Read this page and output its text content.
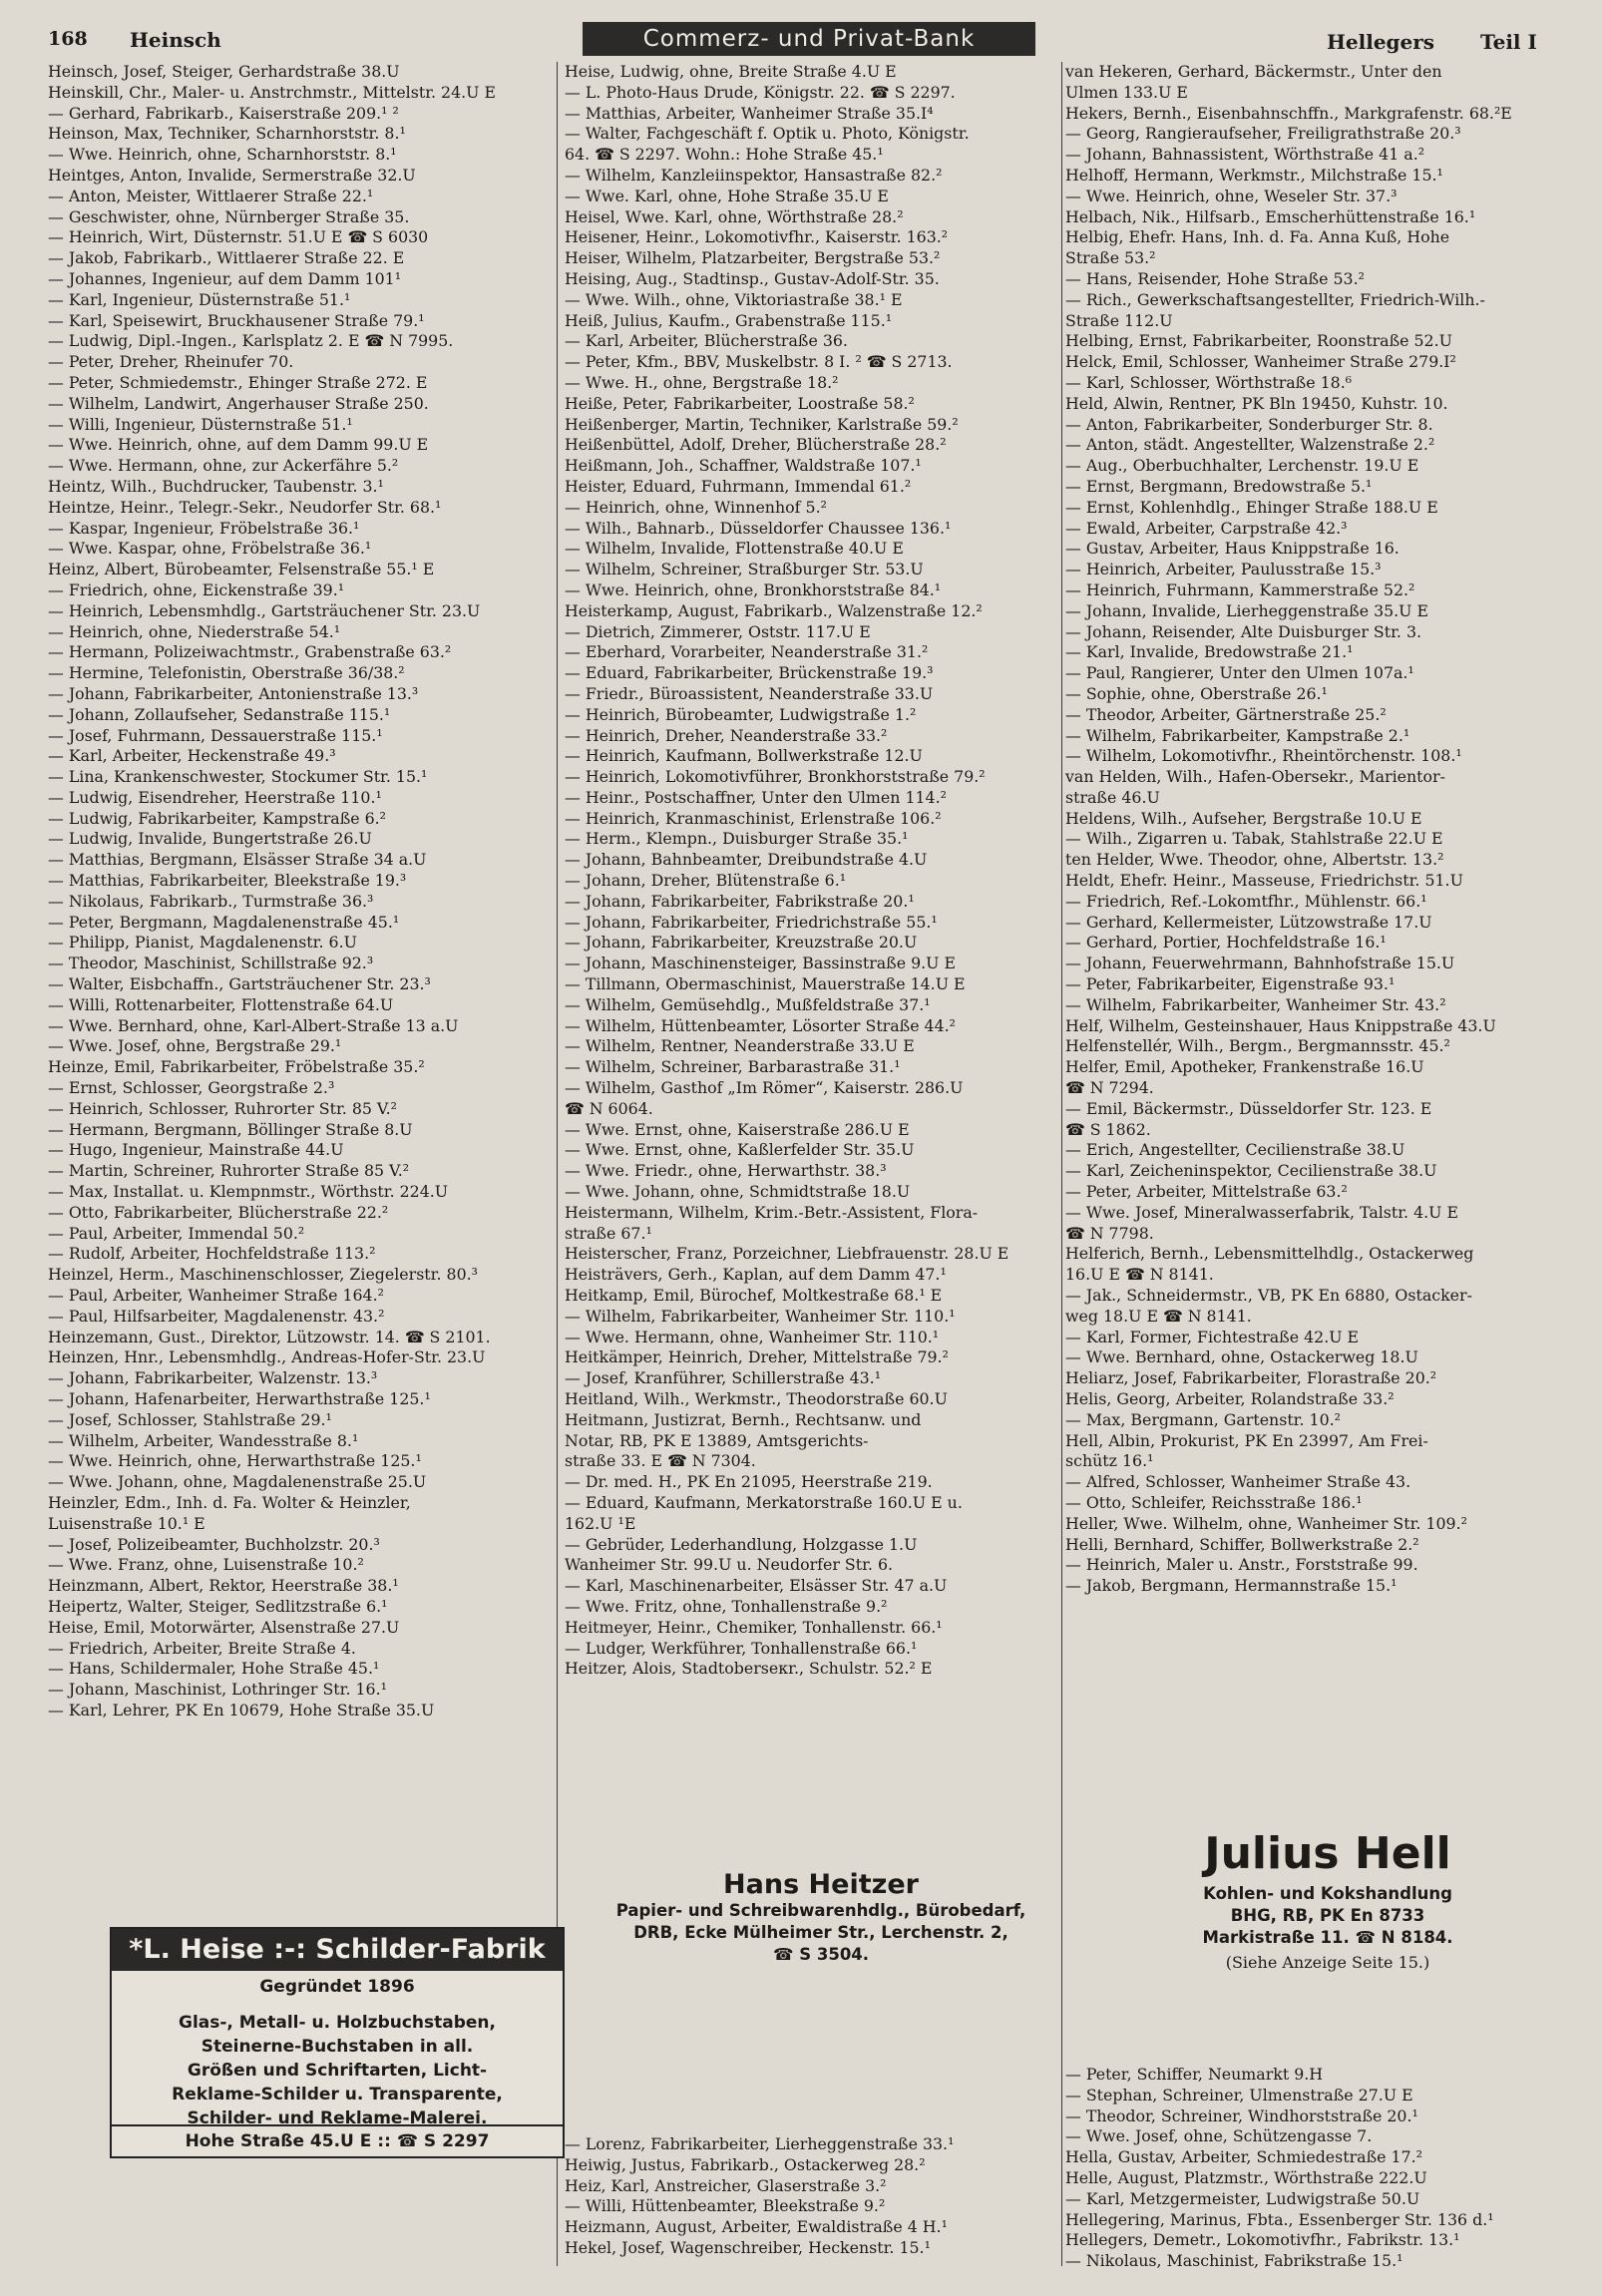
168 Heinsch	Commerz- und Privat-Bank	Hellegers Teil I
Heinsch, Josef, Steiger, Gerhardstraße 38.U
Heinskill, Chr., Maler- u. Anstrchmstr., Mittelstr. 24.U E
— Gerhard, Fabrikarb., Kaiserstraße 209.¹ ²
Heinson, Max, Techniker, Scharnhorststr. 8.¹
— Wwe. Heinrich, ohne, Scharnhorststr. 8.¹
Heintges, Anton, Invalide, Sermerstraße 32.U
— Anton, Meister, Wittlaerer Straße 22.¹
— Geschwister, ohne, Nürnberger Straße 35.
— Heinrich, Wirt, Düsternstr. 51.U E ☎ S 6030
— Jakob, Fabrikarb., Wittlaerer Straße 22. E
— Johannes, Ingenieur, auf dem Damm 101¹
— Karl, Ingenieur, Düsternstraße 51.¹
— Karl, Speisewirt, Bruckhausener Straße 79.¹
— Ludwig, Dipl.-Ingen., Karlsplatz 2. E ☎ N 7995.
— Peter, Dreher, Rheinufer 70.
— Peter, Schmiedemstr., Ehinger Straße 272. E
— Wilhelm, Landwirt, Angerhauser Straße 250.
— Willi, Ingenieur, Düsternstraße 51.¹
— Wwe. Heinrich, ohne, auf dem Damm 99.U E
— Wwe. Hermann, ohne, zur Ackerfähre 5.²
Heintz, Wilh., Buchdrucker, Taubenstr. 3.¹
Heintze, Heinr., Telegr.-Sekr., Neudorfer Str. 68.¹
— Kaspar, Ingenieur, Fröbelstraße 36.¹
— Wwe. Kaspar, ohne, Fröbelstraße 36.¹
Heinz, Albert, Bürobeamter, Felsenstraße 55.¹ E
— Friedrich, ohne, Eickenstraße 39.¹
— Heinrich, Lebensmhdlg., Gartsträuchener Str. 23.U
— Heinrich, ohne, Niederstraße 54.¹
— Hermann, Polizeiwachtmstr., Grabenstraße 63.²
— Hermine, Telefonistin, Oberstraße 36/38.²
— Johann, Fabrikarbeiter, Antonienstraße 13.³
— Johann, Zollaufseher, Sedanstraße 115.¹
— Josef, Fuhrmann, Dessauerstraße 115.¹
— Karl, Arbeiter, Heckenstraße 49.³
— Lina, Krankenschwester, Stockumer Str. 15.¹
— Ludwig, Eisendreher, Heerstraße 110.¹
— Ludwig, Fabrikarbeiter, Kampstraße 6.²
— Ludwig, Invalide, Bungertstraße 26.U
— Matthias, Bergmann, Elsässer Straße 34 a.U
— Matthias, Fabrikarbeiter, Bleekstraße 19.³
— Nikolaus, Fabrikarb., Turmstraße 36.³
— Peter, Bergmann, Magdalenenstraße 45.¹
— Philipp, Pianist, Magdalenenstr. 6.U
— Theodor, Maschinist, Schillstraße 92.³
— Walter, Eisbchaffn., Gartsträuchener Str. 23.³
— Willi, Rottenarbeiter, Flottenstraße 64.U
— Wwe. Bernhard, ohne, Karl-Albert-Straße 13 a.U
— Wwe. Josef, ohne, Bergstraße 29.¹
Heinze, Emil, Fabrikarbeiter, Fröbelstraße 35.²
— Ernst, Schlosser, Georgstraße 2.³
— Heinrich, Schlosser, Ruhrorter Str. 85 V.²
— Hermann, Bergmann, Böllinger Straße 8.U
— Hugo, Ingenieur, Mainstraße 44.U
— Martin, Schreiner, Ruhrorter Straße 85 V.²
— Max, Installat. u. Klempnmstr., Wörthstr. 224.U
— Otto, Fabrikarbeiter, Blücherstraße 22.²
— Paul, Arbeiter, Immendal 50.²
— Rudolf, Arbeiter, Hochfeldstraße 113.²
Heinzel, Herm., Maschinenschlosser, Ziegelerstr. 80.³
— Paul, Arbeiter, Wanheimer Straße 164.²
— Paul, Hilfsarbeiter, Magdalenenstr. 43.²
Heinzemann, Gust., Direktor, Lützowstr. 14. ☎ S 2101.
Heinzen, Hnr., Lebensmhdlg., Andreas-Hofer-Str. 23.U
— Johann, Fabrikarbeiter, Walzenstr. 13.³
— Johann, Hafenarbeiter, Herwarthstraße 125.¹
— Josef, Schlosser, Stahlstraße 29.¹
— Wilhelm, Arbeiter, Wandesstraße 8.¹
— Wwe. Heinrich, ohne, Herwarthstraße 125.¹
— Wwe. Johann, ohne, Magdalenenstraße 25.U
Heinzler, Edm., Inh. d. Fa. Wolter & Heinzler,
Luisenstraße 10.¹ E
— Josef, Polizeibeamter, Buchholzstr. 20.³
— Wwe. Franz, ohne, Luisenstraße 10.²
Heinzmann, Albert, Rektor, Heerstraße 38.¹
Heipertz, Walter, Steiger, Sedlitzstraße 6.¹
Heise, Emil, Motorwärter, Alsenstraße 27.U
— Friedrich, Arbeiter, Breite Straße 4.
— Hans, Schildermaler, Hohe Straße 45.¹
— Johann, Maschinist, Lothringer Str. 16.¹
— Karl, Lehrer, PK En 10679, Hohe Straße 35.U
Heise, Ludwig, ohne, Breite Straße 4.U E
— L. Photo-Haus Drude, Königstr. 22. ☎ S 2297.
— Matthias, Arbeiter, Wanheimer Straße 35.I⁴
— Walter, Fachgeschäft f. Optik u. Photo, Königstr.
64. ☎ S 2297. Wohn.: Hohe Straße 45.¹
— Wilhelm, Kanzleiinspektor, Hansastraße 82.²
— Wwe. Karl, ohne, Hohe Straße 35.U E
Heisel, Wwe. Karl, ohne, Wörthstraße 28.²
Heisener, Heinr., Lokomotivfhr., Kaiserstr. 163.²
Heiser, Wilhelm, Platzarbeiter, Bergstraße 53.²
Heising, Aug., Stadtinsp., Gustav-Adolf-Str. 35.
— Wwe. Wilh., ohne, Viktoriastraße 38.¹ E
Heiß, Julius, Kaufm., Grabenstraße 115.¹
— Karl, Arbeiter, Blücherstraße 36.
— Peter, Kfm., BBV, Muskelbstr. 8 I. ² ☎ S 2713.
— Wwe. H., ohne, Bergstraße 18.²
Heiße, Peter, Fabrikarbeiter, Loostraße 58.²
Heißenberger, Martin, Techniker, Karlstraße 59.²
Heißenbüttel, Adolf, Dreher, Blücherstraße 28.²
Heißmann, Joh., Schaffner, Waldstraße 107.¹
Heister, Eduard, Fuhrmann, Immendal 61.²
— Heinrich, ohne, Winnenhof 5.²
— Wilh., Bahnarb., Düsseldorfer Chaussee 136.¹
— Wilhelm, Invalide, Flottenstraße 40.U E
— Wilhelm, Schreiner, Straßburger Str. 53.U
— Wwe. Heinrich, ohne, Bronkhorststraße 84.¹
Heisterkamp, August, Fabrikarb., Walzenstraße 12.²
— Dietrich, Zimmerer, Oststr. 117.U E
— Eberhard, Vorarbeiter, Neanderstraße 31.²
— Eduard, Fabrikarbeiter, Brückenstraße 19.³
— Friedr., Büroassistent, Neanderstraße 33.U
— Heinrich, Bürobeamter, Ludwigstraße 1.²
— Heinrich, Dreher, Neanderstraße 33.²
— Heinrich, Kaufmann, Bollwerkstraße 12.U
— Heinrich, Lokomotivführer, Bronkhorststraße 79.²
— Heinr., Postschaffner, Unter den Ulmen 114.²
— Heinrich, Kranmaschinist, Erlenstraße 106.²
— Herm., Klempn., Duisburger Straße 35.¹
— Johann, Bahnbeamter, Dreibundstraße 4.U
— Johann, Dreher, Blütenstraße 6.¹
— Johann, Fabrikarbeiter, Fabrikstraße 20.¹
— Johann, Fabrikarbeiter, Friedrichstraße 55.¹
— Johann, Fabrikarbeiter, Kreuzstraße 20.U
— Johann, Maschinensteiger, Bassinstraße 9.U E
— Tillmann, Obermaschinist, Mauerstraße 14.U E
— Wilhelm, Gemüsehdlg., Mußfeldstraße 37.¹
— Wilhelm, Hüttenbeamter, Lösorter Straße 44.²
— Wilhelm, Rentner, Neanderstraße 33.U E
— Wilhelm, Schreiner, Barbarastraße 31.¹
— Wilhelm, Gasthof „Im Römer“, Kaiserstr. 286.U
☎ N 6064.
— Wwe. Ernst, ohne, Kaiserstraße 286.U E
— Wwe. Ernst, ohne, Kaßlerfelder Str. 35.U
— Wwe. Friedr., ohne, Herwarthstr. 38.³
— Wwe. Johann, ohne, Schmidtstraße 18.U
Heistermann, Wilhelm, Krim.-Betr.-Assistent, Flora-
straße 67.¹
Heisterscher, Franz, Porzeichner, Liebfrauenstr. 28.U E
Heisträvers, Gerh., Kaplan, auf dem Damm 47.¹
Heitkamp, Emil, Bürochef, Moltkestraße 68.¹ E
— Wilhelm, Fabrikarbeiter, Wanheimer Str. 110.¹
— Wwe. Hermann, ohne, Wanheimer Str. 110.¹
Heitkämper, Heinrich, Dreher, Mittelstraße 79.²
— Josef, Kranführer, Schillerstraße 43.¹
Heitland, Wilh., Werkmstr., Theodorstraße 60.U
Heitmann, Justizrat, Bernh., Rechtsanw. und
Notar, RB, PK E 13889, Amtsgerichts-
straße 33. E ☎ N 7304.
— Dr. med. H., PK En 21095, Heerstraße 219.
— Eduard, Kaufmann, Merkatorstraße 160.U E u.
162.U ¹E
— Gebrüder, Lederhandlung, Holzgasse 1.U
Wanheimer Str. 99.U u. Neudorfer Str. 6.
— Karl, Maschinenarbeiter, Elsässer Str. 47 a.U
— Wwe. Fritz, ohne, Tonhallenstraße 9.²
Heitmeyer, Heinr., Chemiker, Tonhallenstr. 66.¹
— Ludger, Werkführer, Tonhallenstraße 66.¹
Heitzer, Alois, Stadtoberseкr., Schulstr. 52.² E
— Lorenz, Fabrikarbeiter, Lierheggenstraße 33.¹
Heiwig, Justus, Fabrikarb., Ostackerweg 28.²
Heiz, Karl, Anstreicher, Glaserstraße 3.²
— Willi, Hüttenbeamter, Bleekstraße 9.²
Heizmann, August, Arbeiter, Ewaldistraße 4 H.¹
Hekel, Josef, Wagenschreiber, Heckenstr. 15.¹
van Hekeren, Gerhard, Bäckermstr., Unter den
Ulmen 133.U E
Hekers, Bernh., Eisenbahnschffn., Markgrafenstr. 68.²E
— Georg, Rangieraufseher, Freiligrathstraße 20.³
— Johann, Bahnassistent, Wörthstraße 41 a.²
Helhoff, Hermann, Werkmstr., Milchstraße 15.¹
— Wwe. Heinrich, ohne, Weseler Str. 37.³
Helbach, Nik., Hilfsarb., Emscherhüttenstraße 16.¹
Helbig, Ehefr. Hans, Inh. d. Fa. Anna Kuß, Hohe
Straße 53.²
— Hans, Reisender, Hohe Straße 53.²
— Rich., Gewerkschaftsangestellter, Friedrich-Wilh.-
Straße 112.U
Helbing, Ernst, Fabrikarbeiter, Roonstraße 52.U
Helck, Emil, Schlosser, Wanheimer Straße 279.I²
— Karl, Schlosser, Wörthstraße 18.⁶
Held, Alwin, Rentner, PK Bln 19450, Kuhstr. 10.
— Anton, Fabrikarbeiter, Sonderburger Str. 8.
— Anton, städt. Angestellter, Walzenstraße 2.²
— Aug., Oberbuchhalter, Lerchenstr. 19.U E
— Ernst, Bergmann, Bredowstraße 5.¹
— Ernst, Kohlenhdlg., Ehinger Straße 188.U E
— Ewald, Arbeiter, Carpstraße 42.³
— Gustav, Arbeiter, Haus Knippstraße 16.
— Heinrich, Arbeiter, Paulusstraße 15.³
— Heinrich, Fuhrmann, Kammerstraße 52.²
— Johann, Invalide, Lierheggenstraße 35.U E
— Johann, Reisender, Alte Duisburger Str. 3.
— Karl, Invalide, Bredowstraße 21.¹
— Paul, Rangierer, Unter den Ulmen 107a.¹
— Sophie, ohne, Oberstraße 26.¹
— Theodor, Arbeiter, Gärtnerstraße 25.²
— Wilhelm, Fabrikarbeiter, Kampstraße 2.¹
— Wilhelm, Lokomotivfhr., Rheintörchenstr. 108.¹
van Helden, Wilh., Hafen-Obersekr., Marientor-
straße 46.U
Heldens, Wilh., Aufseher, Bergstraße 10.U E
— Wilh., Zigarren u. Tabak, Stahlstraße 22.U E
ten Helder, Wwe. Theodor, ohne, Albertstr. 13.²
Heldt, Ehefr. Heinr., Masseuse, Friedrichstr. 51.U
— Friedrich, Ref.-Lokomtfhr., Mühlenstr. 66.¹
— Gerhard, Kellermeister, Lützowstraße 17.U
— Gerhard, Portier, Hochfeldstraße 16.¹
— Johann, Feuerwehrmann, Bahnhofstraße 15.U
— Peter, Fabrikarbeiter, Eigenstraße 93.¹
— Wilhelm, Fabrikarbeiter, Wanheimer Str. 43.²
Helf, Wilhelm, Gesteinshauer, Haus Knippstraße 43.U
Helfenstellér, Wilh., Bergm., Bergmannsstr. 45.²
Helfer, Emil, Apotheker, Frankenstraße 16.U
☎ N 7294.
— Emil, Bäckermstr., Düsseldorfer Str. 123. E
☎ S 1862.
— Erich, Angestellter, Cecilienstraße 38.U
— Karl, Zeicheninspektor, Cecilienstraße 38.U
— Peter, Arbeiter, Mittelstraße 63.²
— Wwe. Josef, Mineralwasserfabrik, Talstr. 4.U E
☎ N 7798.
Helferich, Bernh., Lebensmittelhdlg., Ostackerweg
16.U E ☎ N 8141.
— Jak., Schneidermstr., VB, PK En 6880, Ostacker-
weg 18.U E ☎ N 8141.
— Karl, Former, Fichtestraße 42.U E
— Wwe. Bernhard, ohne, Ostackerweg 18.U
Heliarz, Josef, Fabrikarbeiter, Florastraße 20.²
Helis, Georg, Arbeiter, Rolandstraße 33.²
— Max, Bergmann, Gartenstr. 10.²
Hell, Albin, Prokurist, PK En 23997, Am Frei-
schütz 16.¹
— Alfred, Schlosser, Wanheimer Straße 43.
— Otto, Schleifer, Reichsstraße 186.¹
Heller, Wwe. Wilhelm, ohne, Wanheimer Str. 109.²
Helli, Bernhard, Schiffer, Bollwerkstraße 2.²
— Heinrich, Maler u. Anstr., Forststraße 99.
— Jakob, Bergmann, Hermannstraße 15.¹
— Peter, Schiffer, Neumarkt 9.H
— Stephan, Schreiner, Ulmenstraße 27.U E
— Theodor, Schreiner, Windhorststraße 20.¹
— Wwe. Josef, ohne, Schützengasse 7.
Hella, Gustav, Arbeiter, Schmiedestraße 17.²
Helle, August, Platzmstr., Wörthstraße 222.U
— Karl, Metzgermeister, Ludwigstraße 50.U
Hellegering, Marinus, Fbta., Essenberger Str. 136 d.¹
Hellegers, Demetr., Lokomotivfhr., Fabrikstr. 13.¹
— Nikolaus, Maschinist, Fabrikstraße 15.¹
*L. Heise :-: Schilder-Fabrik
Gegründet 1896
Glas-, Metall- u. Holzbuchstaben,
Steinerne-Buchstaben in all.
Größen und Schriftarten, Licht-
Reklame-Schilder u. Transparente,
Schilder- und Reklame-Malerei.
Hohe Straße 45.U E :: ☎ S 2297
Hans Heitzer
Papier- und Schreibwarenhdlg., Bürobedarf,
DRB, Ecke Mülheimer Str., Lerchenstr. 2,
☎ S 3504.
Julius Hell
Kohlen- und Kokshandlung
BHG, RB, PK En 8733
Markistraße 11. ☎ N 8184.
(Siehe Anzeige Seite 15.)
